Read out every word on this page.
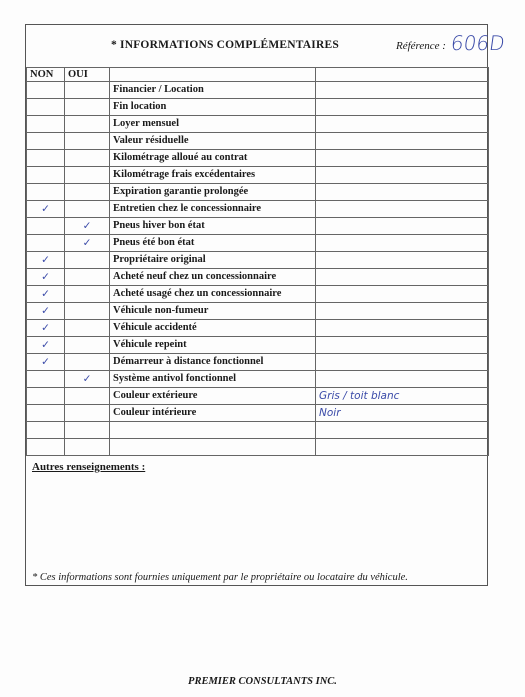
* INFORMATIONS COMPLÉMENTAIRES	Référence : 606D
NON	OUI		
		Financier / Location	
		Fin location	
		Loyer mensuel	
		Valeur résiduelle	
		Kilométrage alloué au contrat	
		Kilométrage frais excédentaires	
		Expiration garantie prolongée	
✓		Entretien chez le concessionnaire	
	✓	Pneus hiver bon état	
	✓	Pneus été bon état	
✓		Propriétaire original	
✓		Acheté neuf chez un concessionnaire	
✓		Acheté usagé chez un concessionnaire	
✓		Véhicule non-fumeur	
✓		Véhicule accidenté	
✓		Véhicule repeint	
✓		Démarreur à distance fonctionnel	
	✓	Système antivol fonctionnel	
		Couleur extérieure	Gris / toit blanc
		Couleur intérieure	Noir

Autres renseignements :
* Ces informations sont fournies uniquement par le propriétaire ou locataire du véhicule.
PREMIER CONSULTANTS INC.
